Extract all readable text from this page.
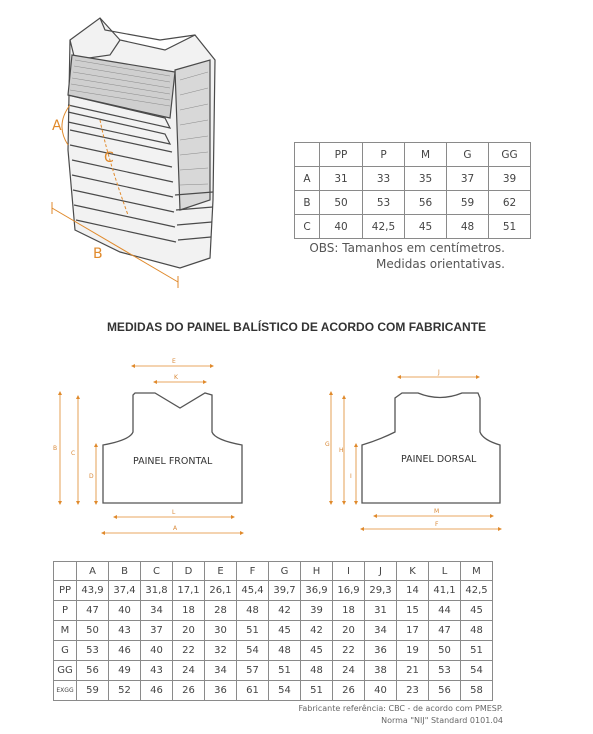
A
C
B
	PP	P	M	G	GG
A	31	33	35	37	39
B	50	53	56	59	62
C	40	42,5	45	48	51
OBS: Tamanhos em centímetros.
Medidas orientativas.
MEDIDAS DO PAINEL BALÍSTICO DE ACORDO COM FABRICANTE
PAINEL FRONTAL
E
K
B
C
D
L
A
PAINEL DORSAL
J
G
H
I
M
F
	A	B	C	D	E	F	G	H	I	J	K	L	M
PP	43,9	37,4	31,8	17,1	26,1	45,4	39,7	36,9	16,9	29,3	14	41,1	42,5
P	47	40	34	18	28	48	42	39	18	31	15	44	45
M	50	43	37	20	30	51	45	42	20	34	17	47	48
G	53	46	40	22	32	54	48	45	22	36	19	50	51
GG	56	49	43	24	34	57	51	48	24	38	21	53	54
EXGG	59	52	46	26	36	61	54	51	26	40	23	56	58
Fabricante referência: CBC - de acordo com PMESP.
Norma "NIJ" Standard 0101.04
